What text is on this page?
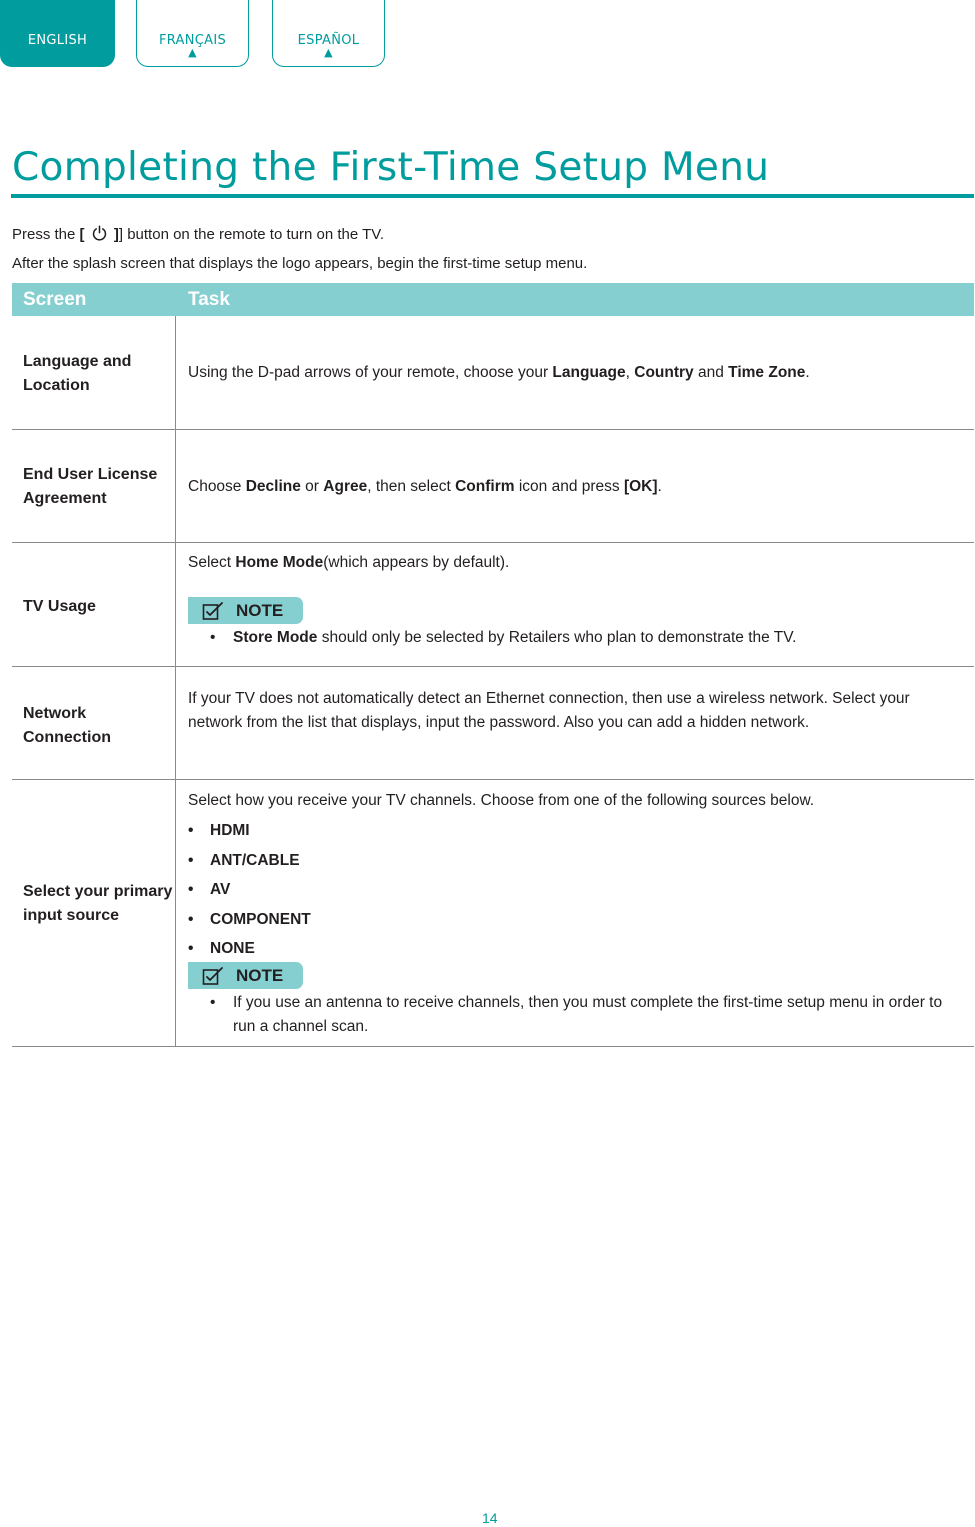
ENGLISH	FRANÇAIS
▲
ESPAÑOL
▲
Completing the First-Time Setup Menu

Press the [  ]] button on the remote to turn on the TV.

After the splash screen that displays the logo appears, begin the first-time setup menu.

Screen	Task
Language and Location
Using the D-pad arrows of your remote, choose your Language, Country and Time Zone.
End User License Agreement
Choose Decline or Agree, then select Confirm icon and press [OK].
TV Usage

Select Home Mode(which appears by default).

NOTE
• Store Mode should only be selected by Retailers who plan to demonstrate the TV.
Network Connection

If your TV does not automatically detect an Ethernet connection, then use a wireless network. Select your network from the list that displays, input the password. Also you can add a hidden network.

Select your primary input source

Select how you receive your TV channels. Choose from one of the following sources below.

• HDMI
• ANT/CABLE
• AV
• COMPONENT
• NONE
NOTE
• If you use an antenna to receive channels, then you must complete the first-time setup menu in order to run a channel scan.
14
